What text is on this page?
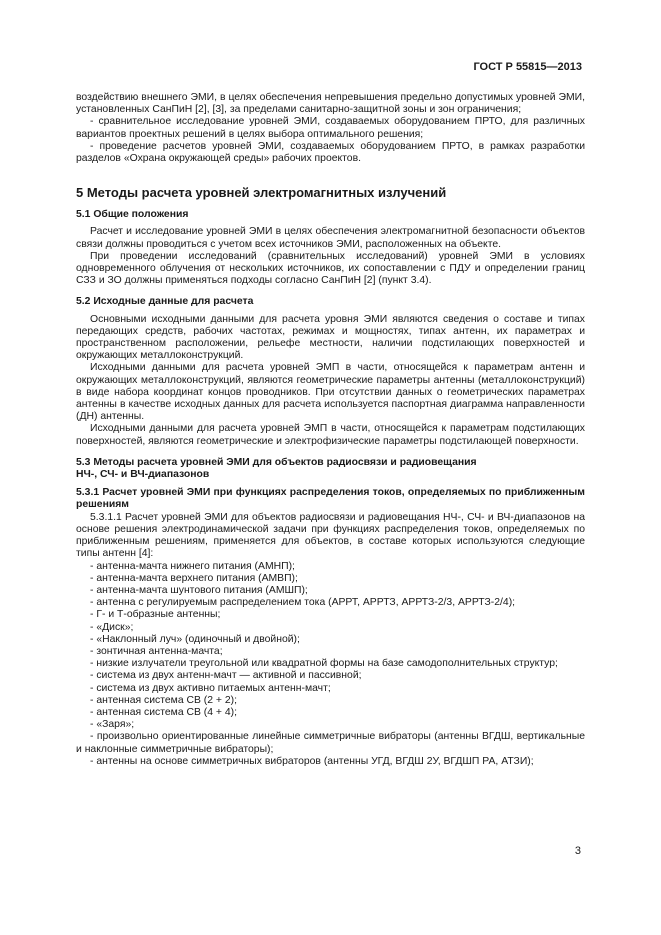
ГОСТ Р 55815—2013

воздействию внешнего ЭМИ, в целях обеспечения непревышения предельно допустимых уровней ЭМИ, установленных СанПиН [2], [3], за пределами санитарно-защитной зоны и зон ограничения;

- сравнительное исследование уровней ЭМИ, создаваемых оборудованием ПРТО, для различных вариантов проектных решений в целях выбора оптимального решения;

- проведение расчетов уровней ЭМИ, создаваемых оборудованием ПРТО, в рамках разработки разделов «Охрана окружающей среды» рабочих проектов.

5 Методы расчета уровней электромагнитных излучений
5.1 Общие положения

Расчет и исследование уровней ЭМИ в целях обеспечения электромагнитной безопасности объектов связи должны проводиться с учетом всех источников ЭМИ, расположенных на объекте.

При проведении исследований (сравнительных исследований) уровней ЭМИ в условиях одновременного облучения от нескольких источников, их сопоставлении с ПДУ и определении границ СЗЗ и ЗО должны применяться подходы согласно СанПиН [2] (пункт 3.4).

5.2 Исходные данные для расчета

Основными исходными данными для расчета уровня ЭМИ являются сведения о составе и типах передающих средств, рабочих частотах, режимах и мощностях, типах антенн, их параметрах и пространственном расположении, рельефе местности, наличии подстилающих поверхностей и окружающих металлоконструкций.

Исходными данными для расчета уровней ЭМП в части, относящейся к параметрам антенн и окружающих металлоконструкций, являются геометрические параметры антенны (металлоконструкций) в виде набора координат концов проводников. При отсутствии данных о геометрических параметрах антенны в качестве исходных данных для расчета используется паспортная диаграмма направленности (ДН) антенны.

Исходными данными для расчета уровней ЭМП в части, относящейся к параметрам подстилающих поверхностей, являются геометрические и электрофизические параметры подстилающей поверхности.

5.3 Методы расчета уровней ЭМИ для объектов радиосвязи и радиовещания
НЧ-, СЧ- и ВЧ-диапазонов

5.3.1 Расчет уровней ЭМИ при функциях распределения токов, определяемых по приближенным решениям

5.3.1.1 Расчет уровней ЭМИ для объектов радиосвязи и радиовещания НЧ-, СЧ- и ВЧ-диапазонов на основе решения электродинамической задачи при функциях распределения токов, определяемых по приближенным решениям, применяется для объектов, в составе которых используются следующие типы антенн [4]:

- антенна-мачта нижнего питания (АМНП);

- антенна-мачта верхнего питания (АМВП);

- антенна-мачта шунтового питания (АМШП);

- антенна с регулируемым распределением тока (АРРТ, АРРТЗ, АРРТЗ-2/3, АРРТЗ-2/4);

- Г- и Т-образные антенны;

- «Диск»;

- «Наклонный луч» (одиночный и двойной);

- зонтичная антенна-мачта;

- низкие излучатели треугольной или квадратной формы на базе самодополнительных структур;

- система из двух антенн-мачт — активной и пассивной;

- система из двух активно питаемых антенн-мачт;

- антенная система СВ (2 + 2);

- антенная система СВ (4 + 4);

- «Заря»;

- произвольно ориентированные линейные симметричные вибраторы (антенны ВГДШ, вертикальные и наклонные симметричные вибраторы);

- антенны на основе симметричных вибраторов (антенны УГД, ВГДШ 2У, ВГДШП РА, АТЗИ);

3
